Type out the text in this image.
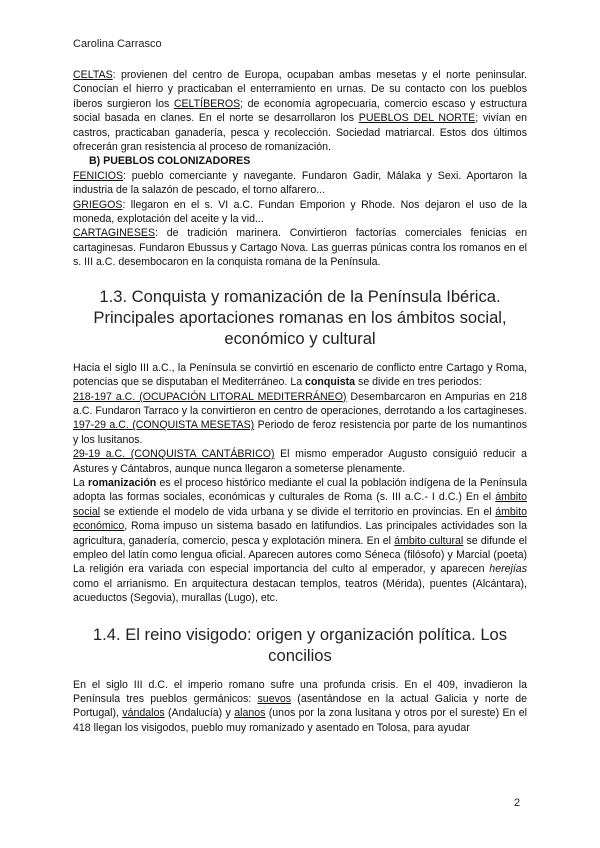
Carolina Carrasco

CELTAS: provienen del centro de Europa, ocupaban ambas mesetas y el norte peninsular. Conocían el hierro y practicaban el enterramiento en urnas. De su contacto con los pueblos íberos surgieron los CELTÍBEROS; de economía agropecuaria, comercio escaso y estructura social basada en clanes. En el norte se desarrollaron los PUEBLOS DEL NORTE; vivían en castros, practicaban ganadería, pesca y recolección. Sociedad matriarcal. Estos dos últimos ofrecerán gran resistencia al proceso de romanización.

B) PUEBLOS COLONIZADORES

FENICIOS: pueblo comerciante y navegante. Fundaron Gadir, Málaka y Sexi. Aportaron la industria de la salazón de pescado, el torno alfarero...

GRIEGOS: llegaron en el s. VI a.C. Fundan Emporion y Rhode. Nos dejaron el uso de la moneda, explotación del aceite y la vid...

CARTAGINESES: de tradición marinera. Convirtieron factorías comerciales fenicias en cartaginesas. Fundaron Ebussus y Cartago Nova. Las guerras púnicas contra los romanos en el s. III a.C. desembocaron en la conquista romana de la Península.

1.3. Conquista y romanización de la Península Ibérica. Principales aportaciones romanas en los ámbitos social, económico y cultural

Hacia el siglo III a.C., la Península se convirtió en escenario de conflicto entre Cartago y Roma, potencias que se disputaban el Mediterráneo. La conquista se divide en tres periodos:

218-197 a.C. (OCUPACIÓN LITORAL MEDITERRÁNEO) Desembarcaron en Ampurias en 218 a.C. Fundaron Tarraco y la convirtieron en centro de operaciones, derrotando a los cartagineses.

197-29 a.C. (CONQUISTA MESETAS) Periodo de feroz resistencia por parte de los numantinos y los lusitanos.

29-19 a.C. (CONQUISTA CANTÁBRICO) El mismo emperador Augusto consiguió reducir a Astures y Cántabros, aunque nunca llegaron a someterse plenamente.

La romanización es el proceso histórico mediante el cual la población indígena de la Península adopta las formas sociales, económicas y culturales de Roma (s. III a.C.- I d.C.) En el ámbito social se extiende el modelo de vida urbana y se divide el territorio en provincias. En el ámbito económico, Roma impuso un sistema basado en latifundios. Las principales actividades son la agricultura, ganadería, comercio, pesca y explotación minera. En el ámbito cultural se difunde el empleo del latín como lengua oficial. Aparecen autores como Séneca (filósofo) y Marcial (poeta) La religión era variada con especial importancia del culto al emperador, y aparecen herejías como el arrianismo. En arquitectura destacan templos, teatros (Mérida), puentes (Alcántara), acueductos (Segovia), murallas (Lugo), etc.

1.4. El reino visigodo: origen y organización política. Los concilios

En el siglo III d.C. el imperio romano sufre una profunda crisis. En el 409, invadieron la Península tres pueblos germánicos: suevos (asentándose en la actual Galicia y norte de Portugal), vándalos (Andalucía) y alanos (unos por la zona lusitana y otros por el sureste) En el 418 llegan los visigodos, pueblo muy romanizado y asentado en Tolosa, para ayudar

2
